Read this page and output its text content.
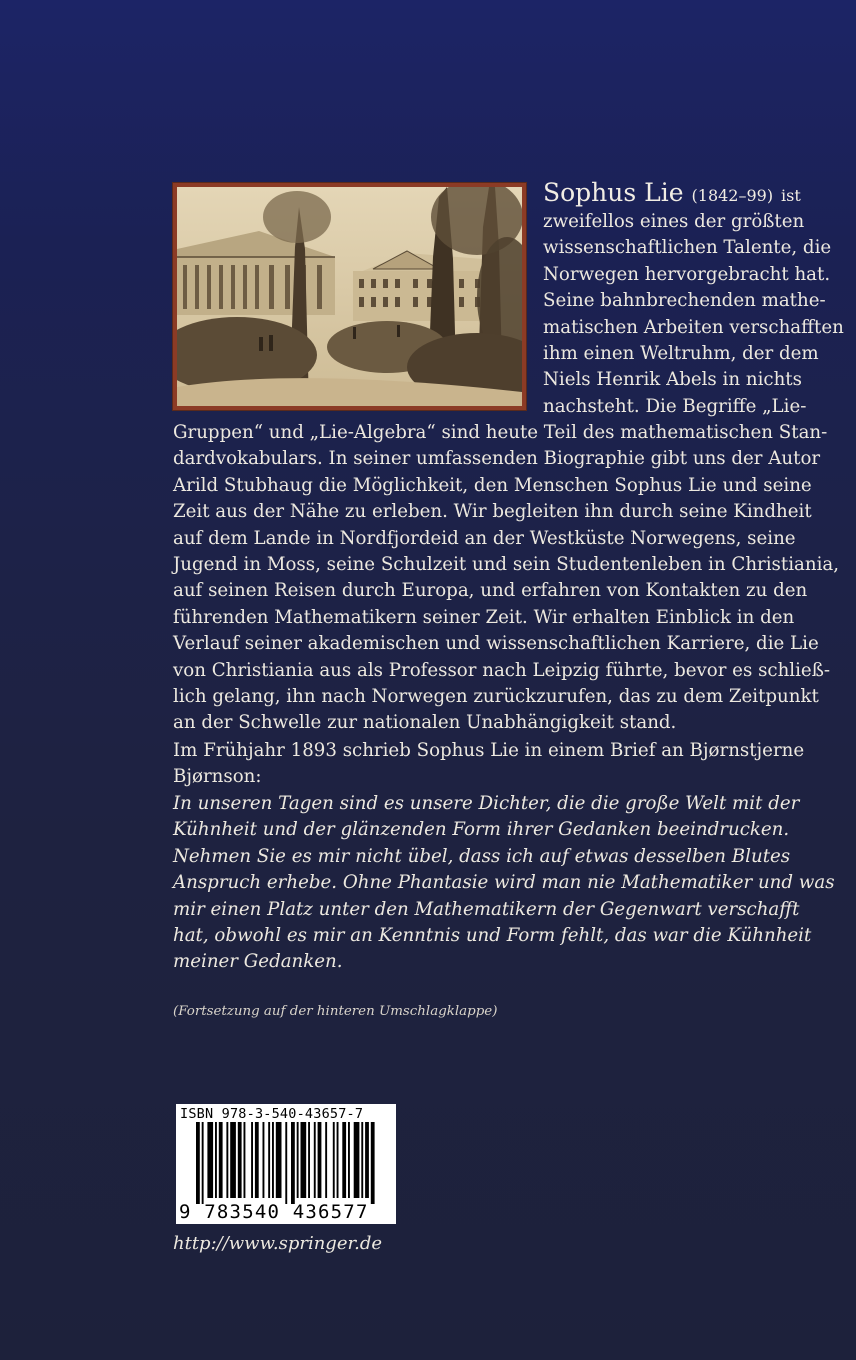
Sophus Lie (1842–99) ist
zweifellos eines der größten
wissenschaftlichen Talente, die
Norwegen hervorgebracht hat.
Seine bahnbrechenden mathe-
matischen Arbeiten verschafften
ihm einen Weltruhm, der dem
Niels Henrik Abels in nichts
nachsteht. Die Begriffe „Lie-
Gruppen“ und „Lie-Algebra“ sind heute Teil des mathematischen Stan-
dardvokabulars. In seiner umfassenden Biographie gibt uns der Autor
Arild Stubhaug die Möglichkeit, den Menschen Sophus Lie und seine
Zeit aus der Nähe zu erleben. Wir begleiten ihn durch seine Kindheit
auf dem Lande in Nordfjordeid an der Westküste Norwegens, seine
Jugend in Moss, seine Schulzeit und sein Studentenleben in Christiania,
auf seinen Reisen durch Europa, und erfahren von Kontakten zu den
führenden Mathematikern seiner Zeit. Wir erhalten Einblick in den
Verlauf seiner akademischen und wissenschaftlichen Karriere, die Lie
von Christiania aus als Professor nach Leipzig führte, bevor es schließ-
lich gelang, ihn nach Norwegen zurückzurufen, das zu dem Zeitpunkt
an der Schwelle zur nationalen Unabhängigkeit stand.
Im Frühjahr 1893 schrieb Sophus Lie in einem Brief an Bjørnstjerne
Bjørnson:
In unseren Tagen sind es unsere Dichter, die die große Welt mit der
Kühnheit und der glänzenden Form ihrer Gedanken beeindrucken.
Nehmen Sie es mir nicht übel, dass ich auf etwas desselben Blutes
Anspruch erhebe. Ohne Phantasie wird man nie Mathematiker und was
mir einen Platz unter den Mathematikern der Gegenwart verschafft
hat, obwohl es mir an Kenntnis und Form fehlt, das war die Kühnheit
meiner Gedanken.
(Fortsetzung auf der hinteren Umschlagklappe)
ISBN 978-3-540-43657-7
9 783540 436577
http://www.springer.de
